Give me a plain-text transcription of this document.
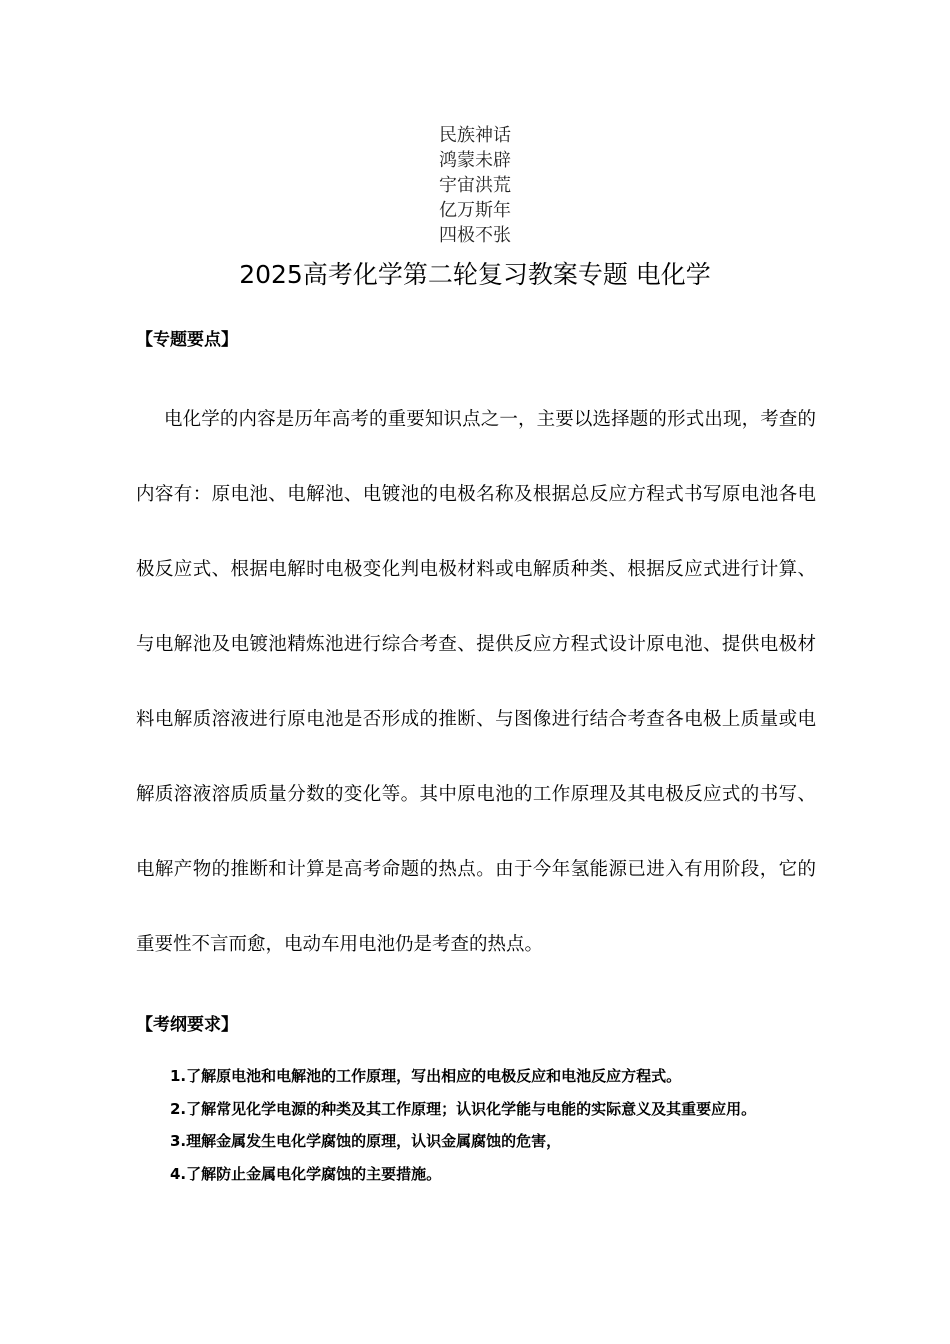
民族神话
鸿蒙未辟
宇宙洪荒
亿万斯年
四极不张
2025高考化学第二轮复习教案专题 电化学
【专题要点】

电化学的内容是历年高考的重要知识点之一，主要以选择题的形式出现，考查的内容有：原电池、电解池、电镀池的电极名称及根据总反应方程式书写原电池各电极反应式、根据电解时电极变化判电极材料或电解质种类、根据反应式进行计算、与电解池及电镀池精炼池进行综合考查、提供反应方程式设计原电池、提供电极材料电解质溶液进行原电池是否形成的推断、与图像进行结合考查各电极上质量或电解质溶液溶质质量分数的变化等。其中原电池的工作原理及其电极反应式的书写、电解产物的推断和计算是高考命题的热点。由于今年氢能源已进入有用阶段，它的重要性不言而愈，电动车用电池仍是考查的热点。

【考纲要求】
1.了解原电池和电解池的工作原理，写出相应的电极反应和电池反应方程式。
2.了解常见化学电源的种类及其工作原理；认识化学能与电能的实际意义及其重要应用。
3.理解金属发生电化学腐蚀的原理，认识金属腐蚀的危害，
4.了解防止金属电化学腐蚀的主要措施。
